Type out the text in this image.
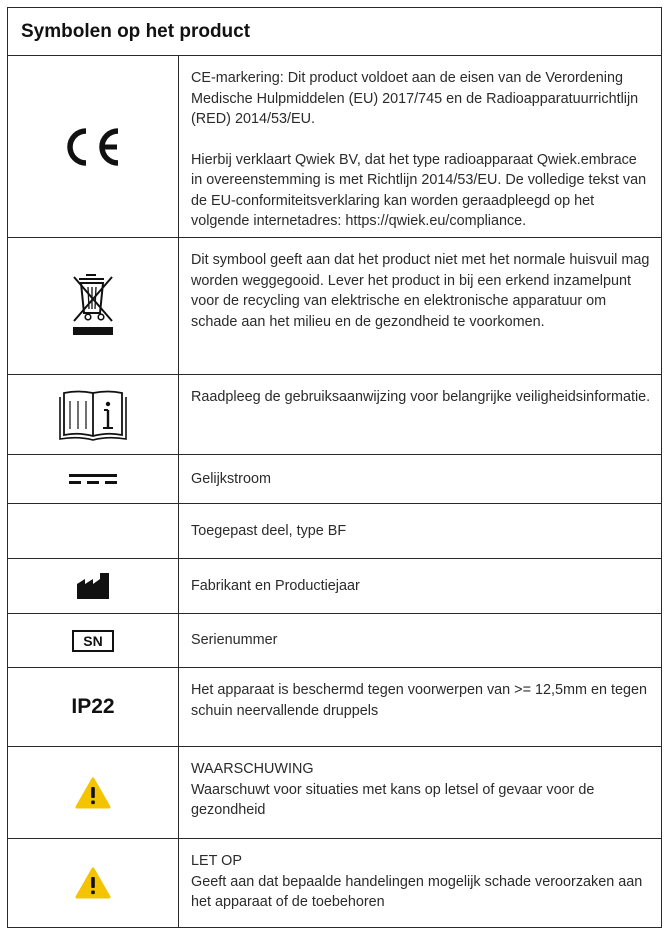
Symbolen op het product

CE-markering: Dit product voldoet aan de eisen van de Verordening Medische Hulpmiddelen (EU) 2017/745 en de Radioapparatuurrichtlijn (RED) 2014/53/EU.

Hierbij verklaart Qwiek BV, dat het type radioapparaat Qwiek.embrace in overeenstemming is met Richtlijn 2014/53/EU. De volledige tekst van de EU-conformiteitsverklaring kan worden geraadpleegd op het volgende internetadres: https://qwiek.eu/compliance.

Dit symbool geeft aan dat het product niet met het normale huisvuil mag worden weggegooid. Lever het product in bij een erkend inzamelpunt voor de recycling van elektrische en elektronische apparatuur om schade aan het milieu en de gezondheid te voorkomen.

Raadpleeg de gebruiksaanwijzing voor belangrijke veiligheidsinformatie.

Gelijkstroom

Toegepast deel, type BF

Fabrikant en Productiejaar

SN	Serienummer

IP22

Het apparaat is beschermd tegen voorwerpen van >= 12,5mm en tegen schuin neervallende druppels

WAARSCHUWING

Waarschuwt voor situaties met kans op letsel of gevaar voor de gezondheid

LET OP

Geeft aan dat bepaalde handelingen mogelijk schade veroorzaken aan het apparaat of de toebehoren
